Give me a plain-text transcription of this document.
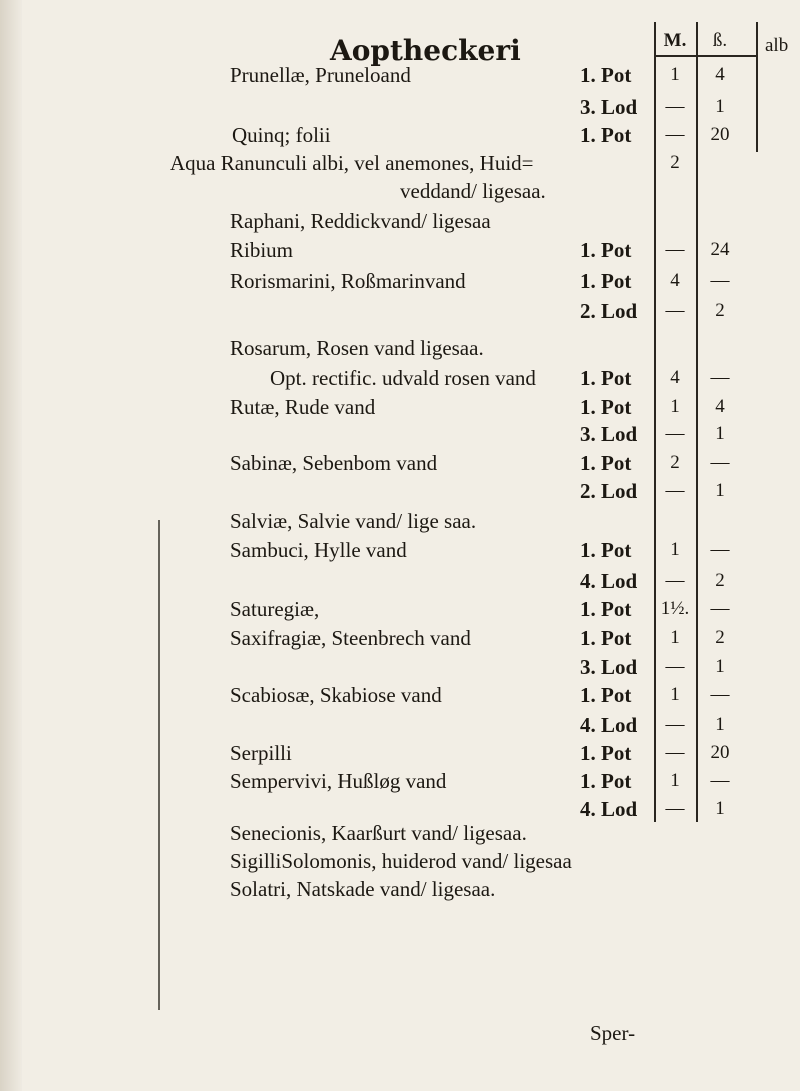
Aoptheckeri	M.	ß.	alb
Prunellæ, Pruneloand	1. Pot	1	4
3. Lod —	1
Quinq; folii	1. Pot — 20
Aqua Ranunculi albi, vel anemones, Huid=	2
veddand/ ligesaa.
Raphani, Reddickvand/ ligesaa
Ribium	1. Pot — 24
Rorismarini, Roßmarinvand	1. Pot	4	—
2. Lod —	2
Rosarum, Rosen vand ligesaa.
Opt. rectific. udvald rosen vand 1. Pot	4	—
Rutæ, Rude vand	1. Pot	1	4
3. Lod —	1
Sabinæ, Sebenbom vand	1. Pot	2	—
2. Lod —	1
Salviæ, Salvie vand/ lige saa.
Sambuci, Hylle vand	1. Pot	1	—
4. Lod —	2
Saturegiæ,	1. Pot 1½. —
Saxifragiæ, Steenbrech vand	1. Pot	1	2
3. Lod —	1
Scabiosæ, Skabiose vand	1. Pot	1	—
4. Lod —	1
Serpilli	1. Pot — 20
Sempervivi, Hußløg vand	1. Pot	1	—
4. Lod —	1
Senecionis, Kaarßurt vand/ ligesaa.
SigilliSolomonis, huiderod vand/ ligesaa
Solatri, Natskade vand/ ligesaa.
Sper-
